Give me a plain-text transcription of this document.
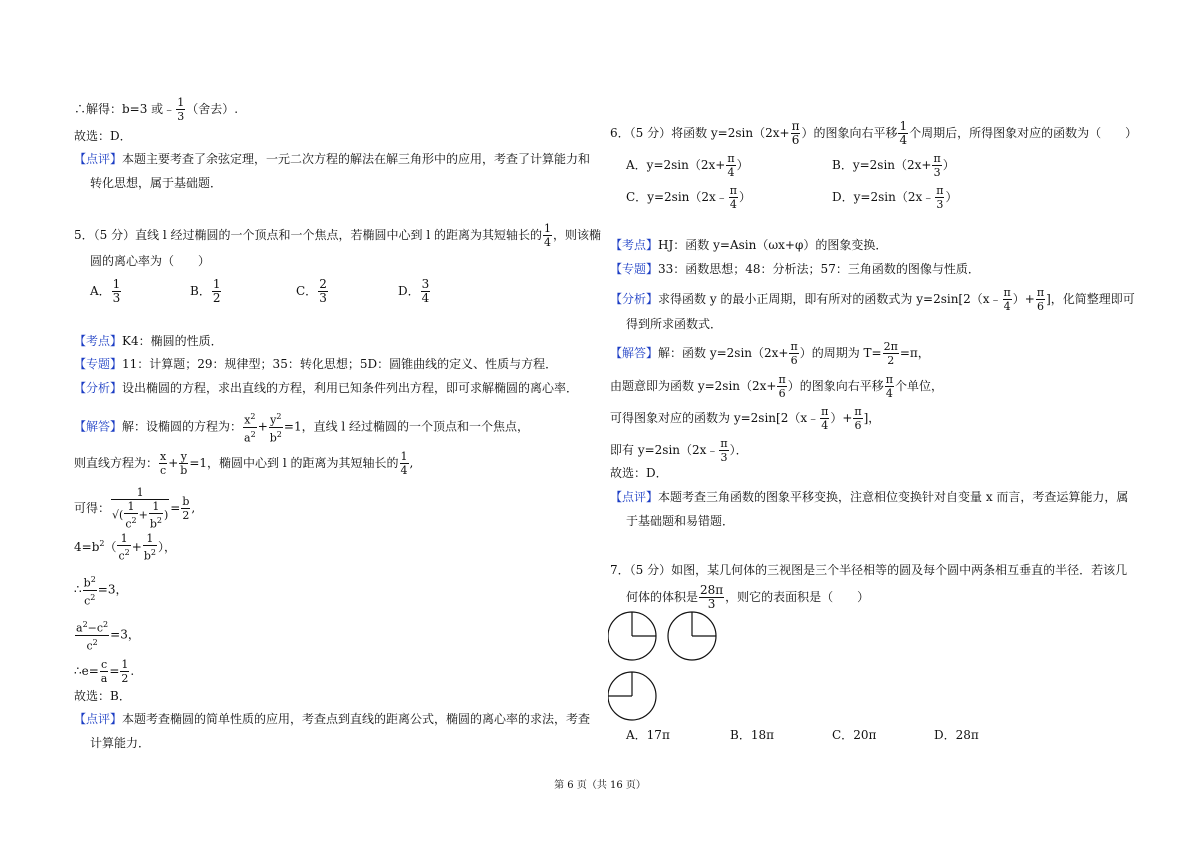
∴解得：b=3 或﹣ $\frac{1}{3}$ （舍去）.
故选：D．
【点评】本题主要考查了余弦定理，一元二次方程的解法在解三角形中的应用，考查了计算能力和
转化思想，属于基础题．
5．（5 分）直线 l 经过椭圆的一个顶点和一个焦点，若椭圆中心到 l 的距离为其短轴长的 $\frac{1}{4}$ ，则该椭
圆的离心率为（　　）
A． $\frac{1}{3}$	B． $\frac{1}{2}$	C． $\frac{2}{3}$	D． $\frac{3}{4}$
【考点】K4：椭圆的性质．
【专题】11：计算题；29：规律型；35：转化思想；5D：圆锥曲线的定义、性质与方程．
【分析】设出椭圆的方程，求出直线的方程，利用已知条件列出方程，即可求解椭圆的离心率．
【解答】解：设椭圆的方程为： $\frac{x^2}{a^2} + \frac{y^2}{b^2} =1$，直线 l 经过椭圆的一个顶点和一个焦点，
则直线方程为： $\frac{x}{c} + \frac{y}{b} =1$，椭圆中心到 l 的距离为其短轴长的 $\frac{1}{4}$ ,
可得： $\frac{1}{√( \frac{1}{c^2} + \frac{1}{b^2} )} = \frac{b}{2}$ ,
$4=b^2( \frac{1}{c^2} + \frac{1}{b^2}$ ），
∴ $\frac{b^2}{c^2} =3$，
$\frac{a^2-c^2}{c^2} =3$，
∴e= $\frac{c}{a} = \frac{1}{2}$ .
故选：B．
【点评】本题考查椭圆的简单性质的应用，考查点到直线的距离公式，椭圆的离心率的求法，考查
计算能力．
6．（5 分）将函数 $y=2\sin(2x+ \frac{\pi}{6}$ ）的图象向右平移 $\frac{1}{4}$ 个周期后，所得图象对应的函数为（　　）
A．$y=2\sin(2x+ \frac{\pi}{4}$ ）	B．$y=2\sin(2x+ \frac{\pi}{3}$ ）
C．y=2sin（2x﹣ $\frac{\pi}{4}$ ）	D．y=2sin（2x﹣ $\frac{\pi}{3}$ ）
【考点】HJ：函数 y=Asin（ωx+φ）的图象变换．
【专题】33：函数思想；48：分析法；57：三角函数的图像与性质．
【分析】求得函数 y 的最小正周期，即有所对的函数式为 y=2sin[2（x﹣ $\frac{\pi}{4}$ ）+ $\frac{\pi}{6}$ ]，化简整理即可
得到所求函数式．
【解答】解：函数 $y=2\sin(2x+ \frac{\pi}{6}$ ）的周期为 $T= \frac{2\pi}{2} =\pi$，
由题意即为函数 $y=2\sin(2x+ \frac{\pi}{6}$ ）的图象向右平移 $\frac{\pi}{4}$ 个单位，
可得图象对应的函数为 y=2sin[2（x﹣ $\frac{\pi}{4}$ ）+ $\frac{\pi}{6}$ ]，
即有 y=2sin（2x﹣ $\frac{\pi}{3}$ ）．
故选：D．
【点评】本题考查三角函数的图象平移变换，注意相位变换针对自变量 x 而言，考查运算能力，属
于基础题和易错题．
7．（5 分）如图，某几何体的三视图是三个半径相等的圆及每个圆中两条相互垂直的半径．若该几
何体的体积是 $\frac{28\pi}{3}$ ，则它的表面积是（　　）
A．17π	B．18π	C．20π	D．28π
第 6 页（共 16 页）
